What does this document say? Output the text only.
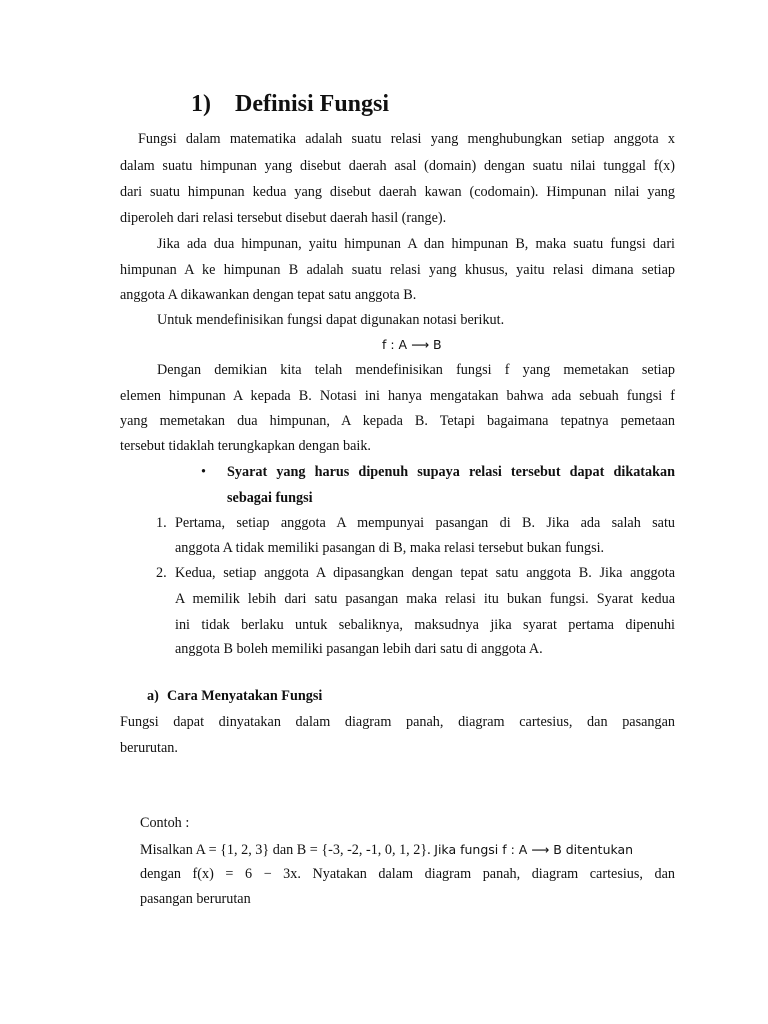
1) Definisi Fungsi
Fungsi dalam matematika adalah suatu relasi yang menghubungkan setiap anggota x
dalam suatu himpunan yang disebut daerah asal (domain) dengan suatu nilai tunggal f(x)
dari suatu himpunan kedua yang disebut daerah kawan (codomain). Himpunan nilai yang
diperoleh dari relasi tersebut disebut daerah hasil (range).
Jika ada dua himpunan, yaitu himpunan A dan himpunan B, maka suatu fungsi dari
himpunan A ke himpunan B adalah suatu relasi yang khusus, yaitu relasi dimana setiap
anggota A dikawankan dengan tepat satu anggota B.
Untuk mendefinisikan fungsi dapat digunakan notasi berikut.
f : A ⟶ B
Dengan demikian kita telah mendefinisikan fungsi f yang memetakan setiap
elemen himpunan A kepada B. Notasi ini hanya mengatakan bahwa ada sebuah fungsi f
yang memetakan dua himpunan, A kepada B. Tetapi bagaimana tepatnya pemetaan
tersebut tidaklah terungkapkan dengan baik.
• Syarat yang harus dipenuh supaya relasi tersebut dapat dikatakan
sebagai fungsi
1. Pertama, setiap anggota A mempunyai pasangan di B. Jika ada salah satu
anggota A tidak memiliki pasangan di B, maka relasi tersebut bukan fungsi.
2. Kedua, setiap anggota A dipasangkan dengan tepat satu anggota B. Jika anggota
A memilik lebih dari satu pasangan maka relasi itu bukan fungsi. Syarat kedua
ini tidak berlaku untuk sebaliknya, maksudnya jika syarat pertama dipenuhi
anggota B boleh memiliki pasangan lebih dari satu di anggota A.
a) Cara Menyatakan Fungsi
Fungsi dapat dinyatakan dalam diagram panah, diagram cartesius, dan pasangan
berurutan.
Contoh :
Misalkan A = {1, 2, 3} dan B = {-3, -2, -1, 0, 1, 2}. Jika fungsi f : A ⟶ B ditentukan
dengan f(x) = 6 − 3x. Nyatakan dalam diagram panah, diagram cartesius, dan
pasangan berurutan
